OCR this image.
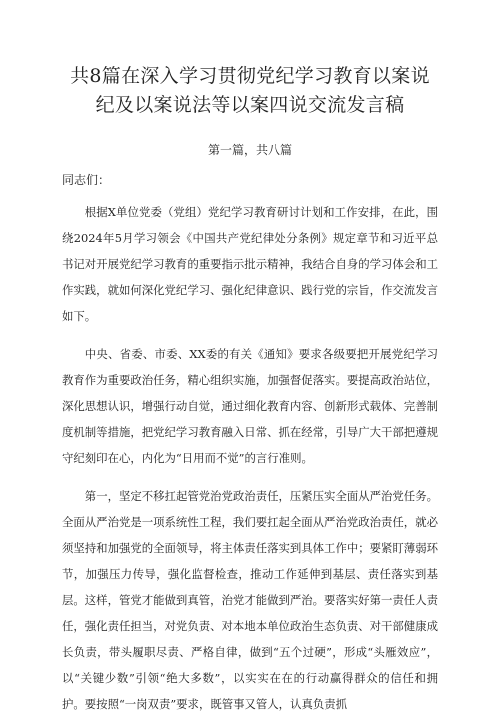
共8篇在深入学习贯彻党纪学习教育以案说纪及以案说法等以案四说交流发言稿

第一篇，共八篇

同志们：

根据X单位党委（党组）党纪学习教育研讨计划和工作安排，在此，围绕2024年5月学习领会《中国共产党纪律处分条例》规定章节和习近平总书记对开展党纪学习教育的重要指示批示精神，我结合自身的学习体会和工作实践，就如何深化党纪学习、强化纪律意识、践行党的宗旨，作交流发言如下。

中央、省委、市委、XX委的有关《通知》要求各级要把开展党纪学习教育作为重要政治任务，精心组织实施，加强督促落实。要提高政治站位，深化思想认识，增强行动自觉，通过细化教育内容、创新形式载体、完善制度机制等措施，把党纪学习教育融入日常、抓在经常，引导广大干部把遵规守纪刻印在心，内化为“日用而不觉”的言行准则。

第一，坚定不移扛起管党治党政治责任，压紧压实全面从严治党任务。全面从严治党是一项系统性工程，我们要扛起全面从严治党政治责任，就必须坚持和加强党的全面领导，将主体责任落实到具体工作中；要紧盯薄弱环节，加强压力传导，强化监督检查，推动工作延伸到基层、责任落实到基层。这样，管党才能做到真管，治党才能做到严治。要落实好第一责任人责任，强化责任担当，对党负责、对本地本单位政治生态负责、对干部健康成长负责，带头履职尽责、严格自律，做到“五个过硬”，形成“头雁效应”，以“关键少数”引领“绝大多数”，以实实在在的行动赢得群众的信任和拥护。要按照“一岗双责”要求，既管事又管人，认真负责抓
